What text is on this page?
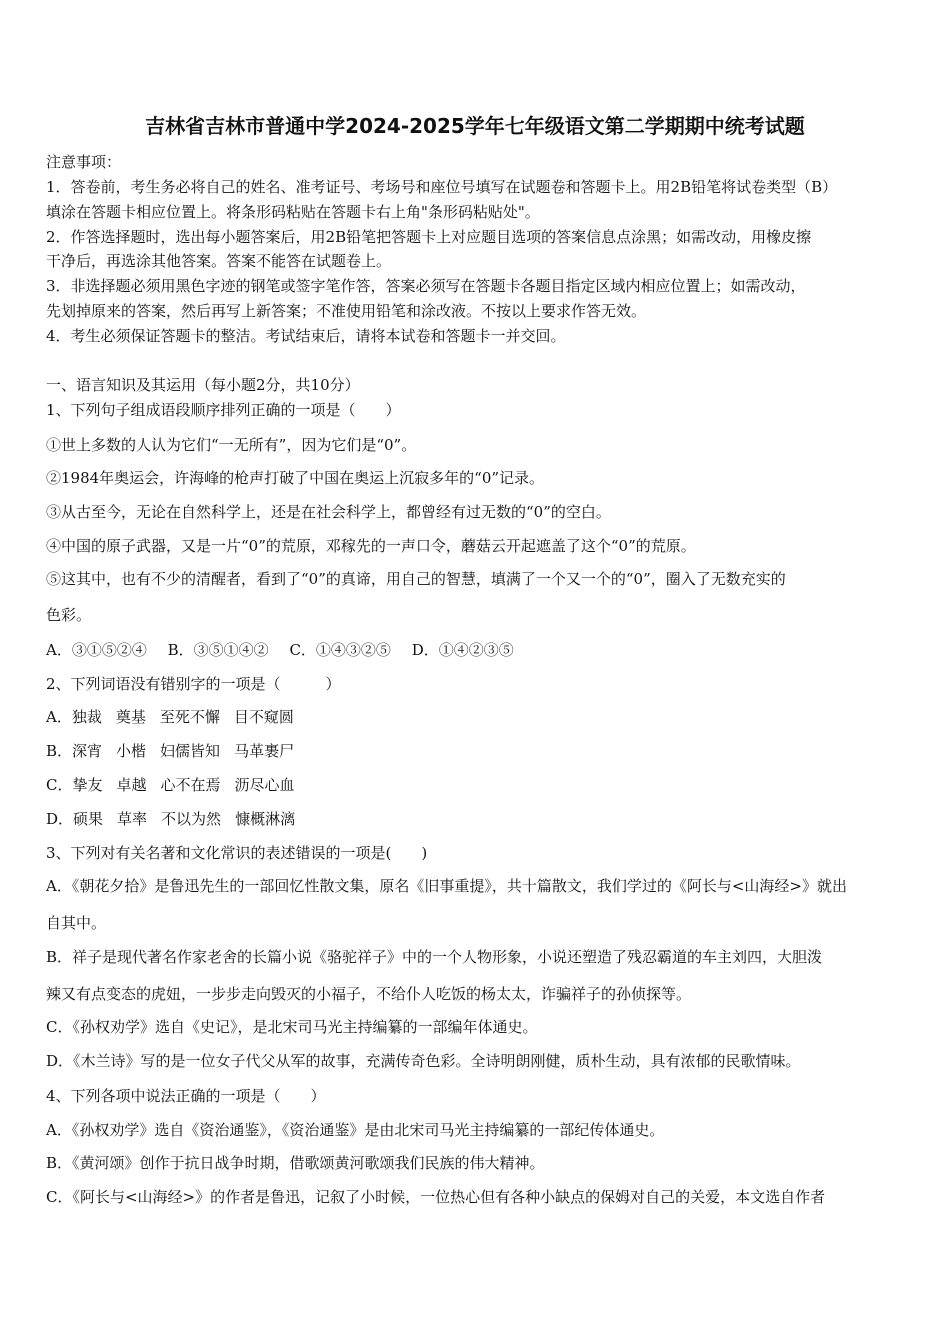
吉林省吉林市普通中学2024-2025学年七年级语文第二学期期中统考试题
注意事项：
1．答卷前，考生务必将自己的姓名、准考证号、考场号和座位号填写在试题卷和答题卡上。用2B铅笔将试卷类型（B）
填涂在答题卡相应位置上。将条形码粘贴在答题卡右上角"条形码粘贴处"。
2．作答选择题时，选出每小题答案后，用2B铅笔把答题卡上对应题目选项的答案信息点涂黑；如需改动，用橡皮擦
干净后，再选涂其他答案。答案不能答在试题卷上。
3．非选择题必须用黑色字迹的钢笔或签字笔作答，答案必须写在答题卡各题目指定区域内相应位置上；如需改动，
先划掉原来的答案，然后再写上新答案；不准使用铅笔和涂改液。不按以上要求作答无效。
4．考生必须保证答题卡的整洁。考试结束后，请将本试卷和答题卡一并交回。
一、语言知识及其运用（每小题2分，共10分）
1、下列句子组成语段顺序排列正确的一项是（　　）
①世上多数的人认为它们“一无所有”，因为它们是“0”。
②1984年奥运会，许海峰的枪声打破了中国在奥运上沉寂多年的“0”记录。
③从古至今，无论在自然科学上，还是在社会科学上，都曾经有过无数的“0”的空白。
④中国的原子武器，又是一片“0”的荒原，邓稼先的一声口令，蘑菇云开起遮盖了这个“0”的荒原。
⑤这其中，也有不少的清醒者，看到了“0”的真谛，用自己的智慧，填满了一个又一个的“0”，圈入了无数充实的
色彩。
A．③①⑤②④ B．③⑤①④② C．①④③②⑤ D．①④②③⑤
2、下列词语没有错别字的一项是（　　　）
A．独裁 奠基 至死不懈 目不窥圆
B．深宵 小楷 妇儒皆知 马革裹尸
C．挚友 卓越 心不在焉 沥尽心血
D．硕果 草率 不以为然 慷概淋漓
3、下列对有关名著和文化常识的表述错误的一项是(　　)
A．《朝花夕拾》是鲁迅先生的一部回忆性散文集，原名《旧事重提》，共十篇散文，我们学过的《阿长与<山海经>》就出
自其中。
B．祥子是现代著名作家老舍的长篇小说《骆驼祥子》中的一个人物形象，小说还塑造了残忍霸道的车主刘四，大胆泼
辣又有点变态的虎妞，一步步走向毁灭的小福子，不给仆人吃饭的杨太太，诈骗祥子的孙侦探等。
C．《孙权劝学》选自《史记》，是北宋司马光主持编纂的一部编年体通史。
D．《木兰诗》写的是一位女子代父从军的故事，充满传奇色彩。全诗明朗刚健，质朴生动，具有浓郁的民歌情味。
4、下列各项中说法正确的一项是（　　）
A．《孙权劝学》选自《资治通鉴》，《资治通鉴》是由北宋司马光主持编纂的一部纪传体通史。
B．《黄河颂》创作于抗日战争时期，借歌颂黄河歌颂我们民族的伟大精神。
C．《阿长与<山海经>》的作者是鲁迅，记叙了小时候，一位热心但有各种小缺点的保姆对自己的关爱，本文选自作者
